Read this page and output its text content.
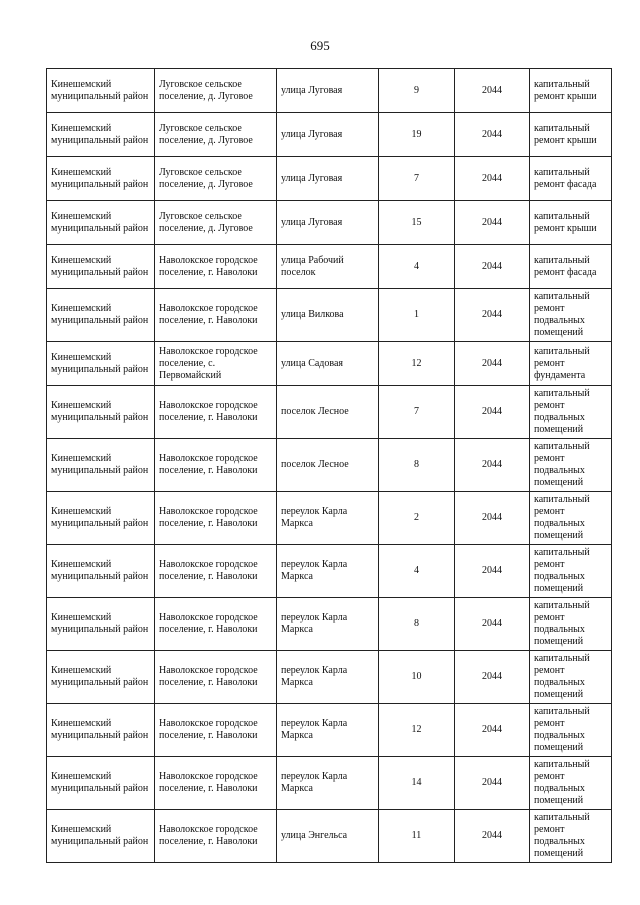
695
Кинешемский муниципальный район	Луговское сельское поселение, д. Луговое	улица Луговая	9	2044	капитальный ремонт крыши
Кинешемский муниципальный район	Луговское сельское поселение, д. Луговое	улица Луговая	19	2044	капитальный ремонт крыши
Кинешемский муниципальный район	Луговское сельское поселение, д. Луговое	улица Луговая	7	2044	капитальный ремонт фасада
Кинешемский муниципальный район	Луговское сельское поселение, д. Луговое	улица Луговая	15	2044	капитальный ремонт крыши
Кинешемский муниципальный район	Наволокское городское поселение, г. Наволоки	улица Рабочий поселок	4	2044	капитальный ремонт фасада
Кинешемский муниципальный район	Наволокское городское поселение, г. Наволоки	улица Вилкова	1	2044	капитальный ремонт подвальных помещений
Кинешемский муниципальный район	Наволокское городское поселение, с. Первомайский	улица Садовая	12	2044	капитальный ремонт фундамента
Кинешемский муниципальный район	Наволокское городское поселение, г. Наволоки	поселок Лесное	7	2044	капитальный ремонт подвальных помещений
Кинешемский муниципальный район	Наволокское городское поселение, г. Наволоки	поселок Лесное	8	2044	капитальный ремонт подвальных помещений
Кинешемский муниципальный район	Наволокское городское поселение, г. Наволоки	переулок Карла Маркса	2	2044	капитальный ремонт подвальных помещений
Кинешемский муниципальный район	Наволокское городское поселение, г. Наволоки	переулок Карла Маркса	4	2044	капитальный ремонт подвальных помещений
Кинешемский муниципальный район	Наволокское городское поселение, г. Наволоки	переулок Карла Маркса	8	2044	капитальный ремонт подвальных помещений
Кинешемский муниципальный район	Наволокское городское поселение, г. Наволоки	переулок Карла Маркса	10	2044	капитальный ремонт подвальных помещений
Кинешемский муниципальный район	Наволокское городское поселение, г. Наволоки	переулок Карла Маркса	12	2044	капитальный ремонт подвальных помещений
Кинешемский муниципальный район	Наволокское городское поселение, г. Наволоки	переулок Карла Маркса	14	2044	капитальный ремонт подвальных помещений
Кинешемский муниципальный район	Наволокское городское поселение, г. Наволоки	улица Энгельса	11	2044	капитальный ремонт подвальных помещений
